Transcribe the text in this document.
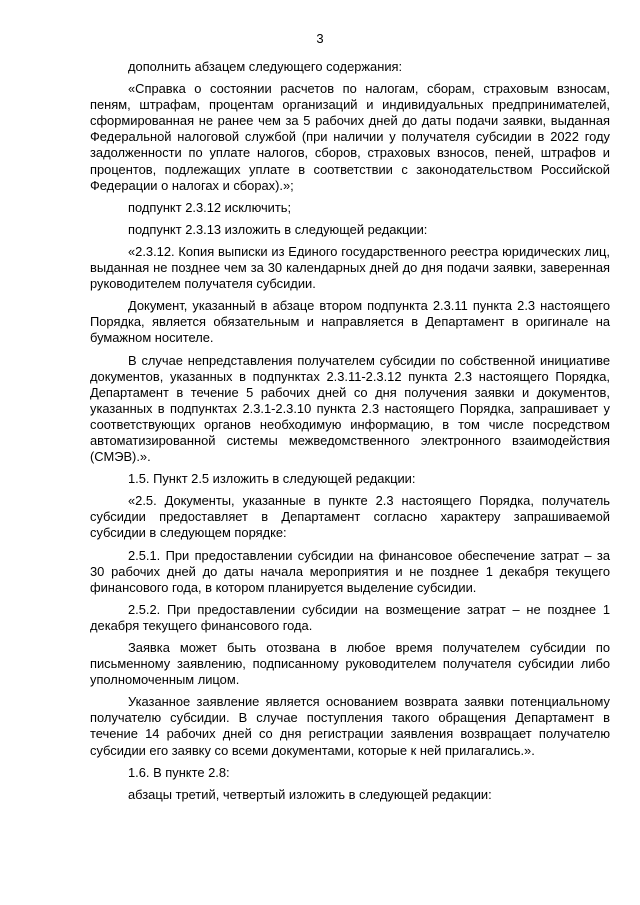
3

дополнить абзацем следующего содержания:

«Справка о состоянии расчетов по налогам, сборам, страховым взносам, пеням, штрафам, процентам организаций и индивидуальных предпринимателей, сформированная не ранее чем за 5 рабочих дней до даты подачи заявки, выданная Федеральной налоговой службой (при наличии у получателя субсидии в 2022 году задолженности по уплате налогов, сборов, страховых взносов, пеней, штрафов и процентов, подлежащих уплате в соответствии с законодательством Российской Федерации о налогах и сборах).»;

подпункт 2.3.12 исключить;

подпункт 2.3.13 изложить в следующей редакции:

«2.3.12. Копия выписки из Единого государственного реестра юридических лиц, выданная не позднее чем за 30 календарных дней до дня подачи заявки, заверенная руководителем получателя субсидии.

Документ, указанный в абзаце втором подпункта 2.3.11 пункта 2.3 настоящего Порядка, является обязательным и направляется в Департамент в оригинале на бумажном носителе.

В случае непредставления получателем субсидии по собственной инициативе документов, указанных в подпунктах 2.3.11-2.3.12 пункта 2.3 настоящего Порядка, Департамент в течение 5 рабочих дней со дня получения заявки и документов, указанных в подпунктах 2.3.1-2.3.10 пункта 2.3 настоящего Порядка, запрашивает у соответствующих органов необходимую информацию, в том числе посредством автоматизированной системы межведомственного электронного взаимодействия (СМЭВ).».

1.5. Пункт 2.5 изложить в следующей редакции:

«2.5. Документы, указанные в пункте 2.3 настоящего Порядка, получатель субсидии предоставляет в Департамент согласно характеру запрашиваемой субсидии в следующем порядке:

2.5.1. При предоставлении субсидии на финансовое обеспечение затрат – за 30 рабочих дней до даты начала мероприятия и не позднее 1 декабря текущего финансового года, в котором планируется выделение субсидии.

2.5.2. При предоставлении субсидии на возмещение затрат – не позднее 1 декабря текущего финансового года.

Заявка может быть отозвана в любое время получателем субсидии по письменному заявлению, подписанному руководителем получателя субсидии либо уполномоченным лицом.

Указанное заявление является основанием возврата заявки потенциальному получателю субсидии. В случае поступления такого обращения Департамент в течение 14 рабочих дней со дня регистрации заявления возвращает получателю субсидии его заявку со всеми документами, которые к ней прилагались.».

1.6. В пункте 2.8:

абзацы третий, четвертый изложить в следующей редакции:
